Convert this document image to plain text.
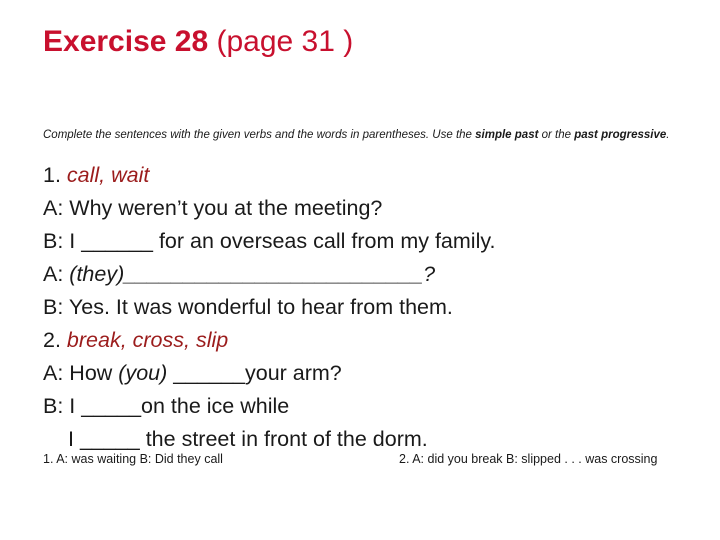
Exercise 28 (page 31 )
Complete the sentences with the given verbs and the words in parentheses. Use the simple past or the past progressive.
1. call, wait
A: Why weren’t you at the meeting?
B: I ______ for an overseas call from my family.
A: (they)_________________________?
B: Yes. It was wonderful to hear from them.
2. break, cross, slip
A: How (you) ______your arm?
B: I _____on the ice while
I _____ the street in front of the dorm.
1. A: was waiting B: Did they call	2. A: did you break B: slipped . . . was crossing
